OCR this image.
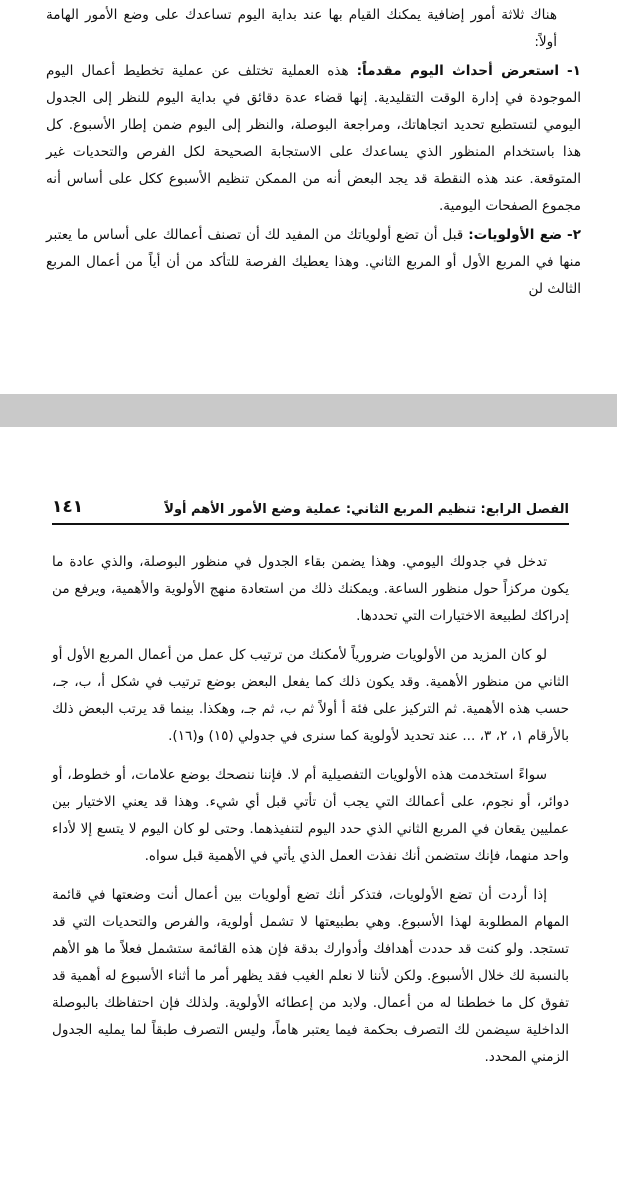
هناك ثلاثة أمور إضافية يمكنك القيام بها عند بداية اليوم تساعدك على وضع الأمور الهامة أولاً:

١- استعرض أحداث اليوم مقدماً: هذه العملية تختلف عن عملية تخطيط أعمال اليوم الموجودة في إدارة الوقت التقليدية. إنها قضاء عدة دقائق في بداية اليوم للنظر إلى الجدول اليومي لتستطيع تحديد اتجاهاتك، ومراجعة البوصلة، والنظر إلى اليوم ضمن إطار الأسبوع. كل هذا باستخدام المنظور الذي يساعدك على الاستجابة الصحيحة لكل الفرص والتحديات غير المتوقعة. عند هذه النقطة قد يجد البعض أنه من الممكن تنظيم الأسبوع ككل على أساس أنه مجموع الصفحات اليومية.

٢- ضع الأولويات: قبل أن تضع أولوياتك من المفيد لك أن تصنف أعمالك على أساس ما يعتبر منها في المربع الأول أو المربع الثاني. وهذا يعطيك الفرصة للتأكد من أن أياً من أعمال المربع الثالث لن

الفصل الرابع: تنظيم المربع الثاني: عملية وضع الأمور الأهم أولاً
١٤١

تدخل في جدولك اليومي. وهذا يضمن بقاء الجدول في منظور البوصلة، والذي عادة ما يكون مركزاً حول منظور الساعة. ويمكنك ذلك من استعادة منهج الأولوية والأهمية، ويرفع من إدراكك لطبيعة الاختيارات التي تحددها.

لو كان المزيد من الأولويات ضرورياً لأمكنك من ترتيب كل عمل من أعمال المربع الأول أو الثاني من منظور الأهمية. وقد يكون ذلك كما يفعل البعض بوضع ترتيب في شكل أ، ب، جـ، حسب هذه الأهمية. ثم التركيز على فئة أ أولاً ثم ب، ثم جـ، وهكذا. بينما قد يرتب البعض ذلك بالأرقام ١، ٢، ٣، ... عند تحديد لأولوية كما سنرى في جدولي (١٥) و(١٦).

سواءً استخدمت هذه الأولويات التفصيلية أم لا. فإننا ننصحك بوضع علامات، أو خطوط، أو دوائر، أو نجوم، على أعمالك التي يجب أن تأتي قبل أي شيء. وهذا قد يعني الاختيار بين عمليين يقعان في المربع الثاني الذي حدد اليوم لتنفيذهما. وحتى لو كان اليوم لا يتسع إلا لأداء واحد منهما، فإنك ستضمن أنك نفذت العمل الذي يأتي في الأهمية قبل سواه.

إذا أردت أن تضع الأولويات، فتذكر أنك تضع أولويات بين أعمال أنت وضعتها في قائمة المهام المطلوبة لهذا الأسبوع. وهي بطبيعتها لا تشمل أولوية، والفرص والتحديات التي قد تستجد. ولو كنت قد حددت أهدافك وأدوارك بدقة فإن هذه القائمة ستشمل فعلاً ما هو الأهم بالنسبة لك خلال الأسبوع. ولكن لأننا لا نعلم الغيب فقد يظهر أمر ما أثناء الأسبوع له أهمية قد تفوق كل ما خططنا له من أعمال. ولابد من إعطائه الأولوية. ولذلك فإن احتفاظك بالبوصلة الداخلية سيضمن لك التصرف بحكمة فيما يعتبر هاماً، وليس التصرف طبقاً لما يمليه الجدول الزمني المحدد.
